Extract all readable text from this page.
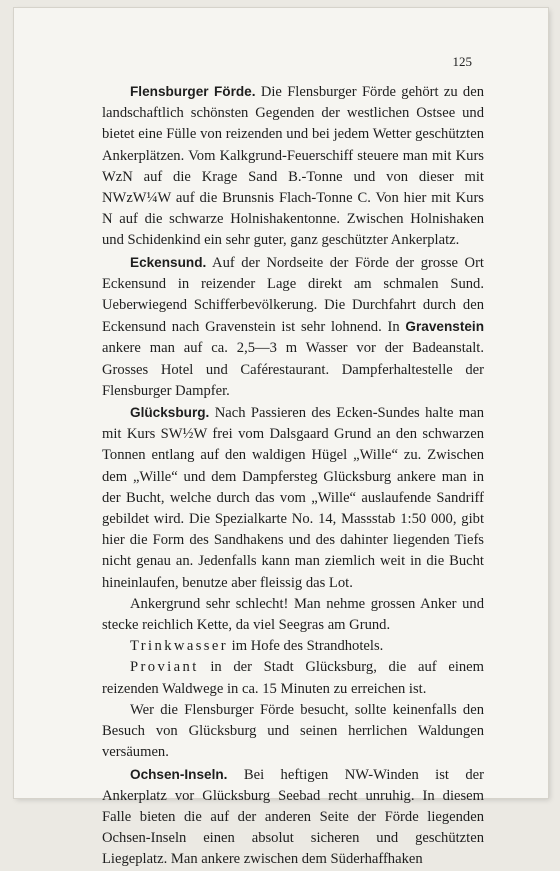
125

Flensburger Förde. Die Flensburger Förde gehört zu den landschaftlich schönsten Gegenden der westlichen Ostsee und bietet eine Fülle von reizenden und bei jedem Wetter geschützten Ankerplätzen. Vom Kalkgrund-Feuerschiff steuere man mit Kurs WzN auf die Krage Sand B.-Tonne und von dieser mit NWzW¼W auf die Brunsnis Flach-Tonne C. Von hier mit Kurs N auf die schwarze Holnishakentonne. Zwischen Holnishaken und Schidenkind ein sehr guter, ganz geschützter Ankerplatz.

Eckensund. Auf der Nordseite der Förde der grosse Ort Eckensund in reizender Lage direkt am schmalen Sund. Ueberwiegend Schifferbevölkerung. Die Durchfahrt durch den Eckensund nach Gravenstein ist sehr lohnend. In Gravenstein ankere man auf ca. 2,5—3 m Wasser vor der Badeanstalt. Grosses Hotel und Caférestaurant. Dampferhaltestelle der Flensburger Dampfer.

Glücksburg. Nach Passieren des Ecken-Sundes halte man mit Kurs SW½W frei vom Dalsgaard Grund an den schwarzen Tonnen entlang auf den waldigen Hügel „Wille“ zu. Zwischen dem „Wille“ und dem Dampfersteg Glücksburg ankere man in der Bucht, welche durch das vom „Wille“ auslaufende Sandriff gebildet wird. Die Spezialkarte No. 14, Massstab 1:50 000, gibt hier die Form des Sandhakens und des dahinter liegenden Tiefs nicht genau an. Jedenfalls kann man ziemlich weit in die Bucht hineinlaufen, benutze aber fleissig das Lot.

Ankergrund sehr schlecht! Man nehme grossen Anker und stecke reichlich Kette, da viel Seegras am Grund.

Trinkwasser im Hofe des Strandhotels.

Proviant in der Stadt Glücksburg, die auf einem reizenden Waldwege in ca. 15 Minuten zu erreichen ist.

Wer die Flensburger Förde besucht, sollte keinenfalls den Besuch von Glücksburg und seinen herrlichen Waldungen versäumen.

Ochsen-Inseln. Bei heftigen NW-Winden ist der Ankerplatz vor Glücksburg Seebad recht unruhig. In diesem Falle bieten die auf der anderen Seite der Förde liegenden Ochsen-Inseln einen absolut sicheren und geschützten Liegeplatz. Man ankere zwischen dem Süderhaffhaken
